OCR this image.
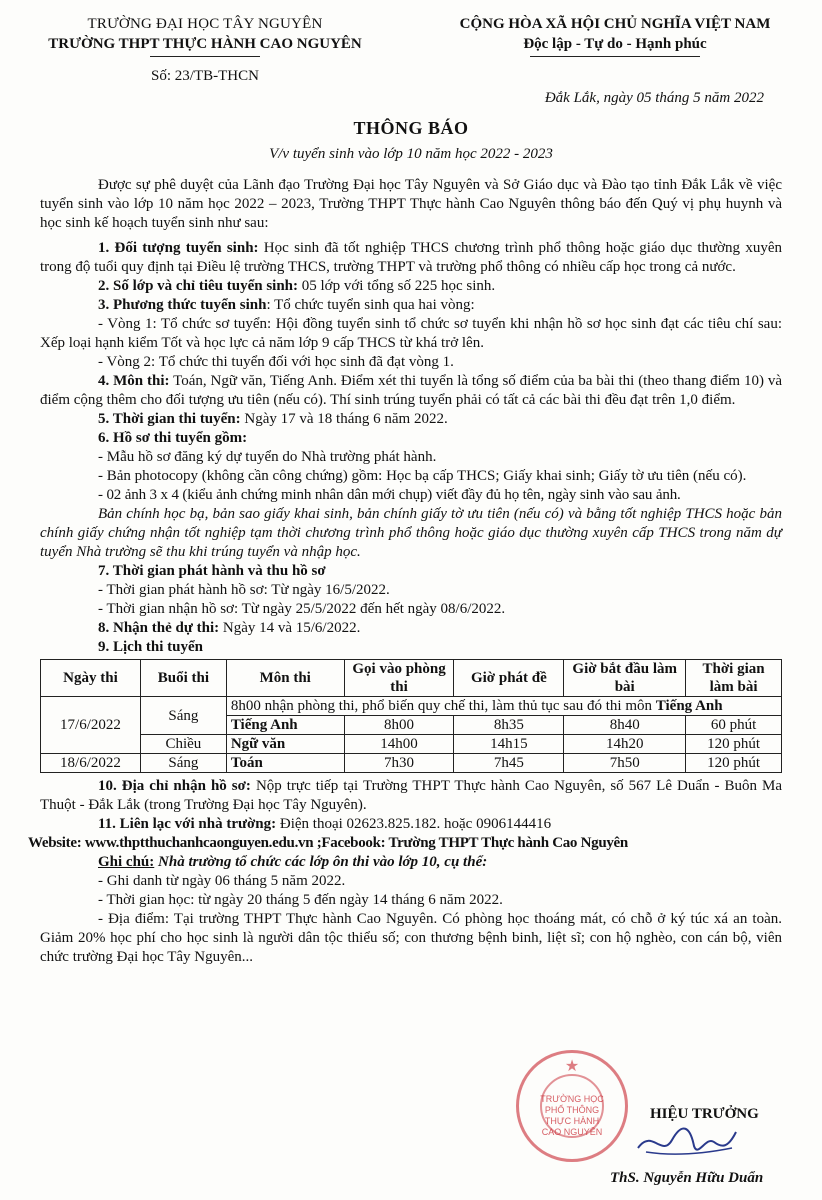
TRƯỜNG ĐẠI HỌC TÂY NGUYÊN
TRƯỜNG THPT THỰC HÀNH CAO NGUYÊN
Số: 23/TB-THCN
CỘNG HÒA XÃ HỘI CHỦ NGHĨA VIỆT NAM
Độc lập - Tự do - Hạnh phúc
Đắk Lắk, ngày 05 tháng 5 năm 2022
THÔNG BÁO
V/v tuyển sinh vào lớp 10 năm học 2022 - 2023

Được sự phê duyệt của Lãnh đạo Trường Đại học Tây Nguyên và Sở Giáo dục và Đào tạo tỉnh Đắk Lắk về việc tuyển sinh vào lớp 10 năm học 2022 – 2023, Trường THPT Thực hành Cao Nguyên thông báo đến Quý vị phụ huynh và học sinh kế hoạch tuyển sinh như sau:

1. Đối tượng tuyển sinh: Học sinh đã tốt nghiệp THCS chương trình phổ thông hoặc giáo dục thường xuyên trong độ tuổi quy định tại Điều lệ trường THCS, trường THPT và trường phổ thông có nhiều cấp học trong cả nước.

2. Số lớp và chỉ tiêu tuyển sinh: 05 lớp với tổng số 225 học sinh.

3. Phương thức tuyển sinh: Tổ chức tuyển sinh qua hai vòng:

- Vòng 1: Tổ chức sơ tuyển: Hội đồng tuyển sinh tổ chức sơ tuyển khi nhận hồ sơ học sinh đạt các tiêu chí sau: Xếp loại hạnh kiểm Tốt và học lực cả năm lớp 9 cấp THCS từ khá trở lên.

- Vòng 2: Tổ chức thi tuyển đối với học sinh đã đạt vòng 1.

4. Môn thi: Toán, Ngữ văn, Tiếng Anh. Điểm xét thi tuyển là tổng số điểm của ba bài thi (theo thang điểm 10) và điểm cộng thêm cho đối tượng ưu tiên (nếu có). Thí sinh trúng tuyển phải có tất cả các bài thi đều đạt trên 1,0 điểm.

5. Thời gian thi tuyển: Ngày 17 và 18 tháng 6 năm 2022.

6. Hồ sơ thi tuyển gồm:

- Mẫu hồ sơ đăng ký dự tuyển do Nhà trường phát hành.

- Bản photocopy (không cần công chứng) gồm: Học bạ cấp THCS; Giấy khai sinh; Giấy tờ ưu tiên (nếu có).

- 02 ảnh 3 x 4 (kiểu ảnh chứng minh nhân dân mới chụp) viết đầy đủ họ tên, ngày sinh vào sau ảnh.

Bản chính học bạ, bản sao giấy khai sinh, bản chính giấy tờ ưu tiên (nếu có) và bằng tốt nghiệp THCS hoặc bản chính giấy chứng nhận tốt nghiệp tạm thời chương trình phổ thông hoặc giáo dục thường xuyên cấp THCS trong năm dự tuyển Nhà trường sẽ thu khi trúng tuyển và nhập học.

7. Thời gian phát hành và thu hồ sơ

- Thời gian phát hành hồ sơ: Từ ngày 16/5/2022.

- Thời gian nhận hồ sơ: Từ ngày 25/5/2022 đến hết ngày 08/6/2022.

8. Nhận thẻ dự thi: Ngày 14 và 15/6/2022.

9. Lịch thi tuyển

Ngày thi	Buổi thi	Môn thi	Gọi vào phòng thi	Giờ phát đề	Giờ bắt đầu làm bài	Thời gian làm bài
17/6/2022	Sáng	8h00 nhận phòng thi, phổ biến quy chế thi, làm thủ tục sau đó thi môn Tiếng Anh				
		Tiếng Anh	8h00	8h35	8h40	60 phút
	Chiều	Ngữ văn	14h00	14h15	14h20	120 phút
18/6/2022	Sáng	Toán	7h30	7h45	7h50	120 phút

10. Địa chỉ nhận hồ sơ: Nộp trực tiếp tại Trường THPT Thực hành Cao Nguyên, số 567 Lê Duẩn - Buôn Ma Thuột - Đắk Lắk (trong Trường Đại học Tây Nguyên).

11. Liên lạc với nhà trường: Điện thoại 02623.825.182. hoặc 0906144416

Website: www.thptthuchanhcaonguyen.edu.vn ;Facebook: Trường THPT Thực hành Cao Nguyên

Ghi chú: Nhà trường tổ chức các lớp ôn thi vào lớp 10, cụ thể:

- Ghi danh từ ngày 06 tháng 5 năm 2022.

- Thời gian học: từ ngày 20 tháng 5 đến ngày 14 tháng 6 năm 2022.

- Địa điểm: Tại trường THPT Thực hành Cao Nguyên. Có phòng học thoáng mát, có chỗ ở ký túc xá an toàn. Giảm 20% học phí cho học sinh là người dân tộc thiểu số; con thương bệnh binh, liệt sĩ; con hộ nghèo, con cán bộ, viên chức trường Đại học Tây Nguyên...

★
TRƯỜNG HỌC PHỔ THÔNG THỰC HÀNH CAO NGUYÊN
HIỆU TRƯỞNG
ThS. Nguyễn Hữu Duẩn
